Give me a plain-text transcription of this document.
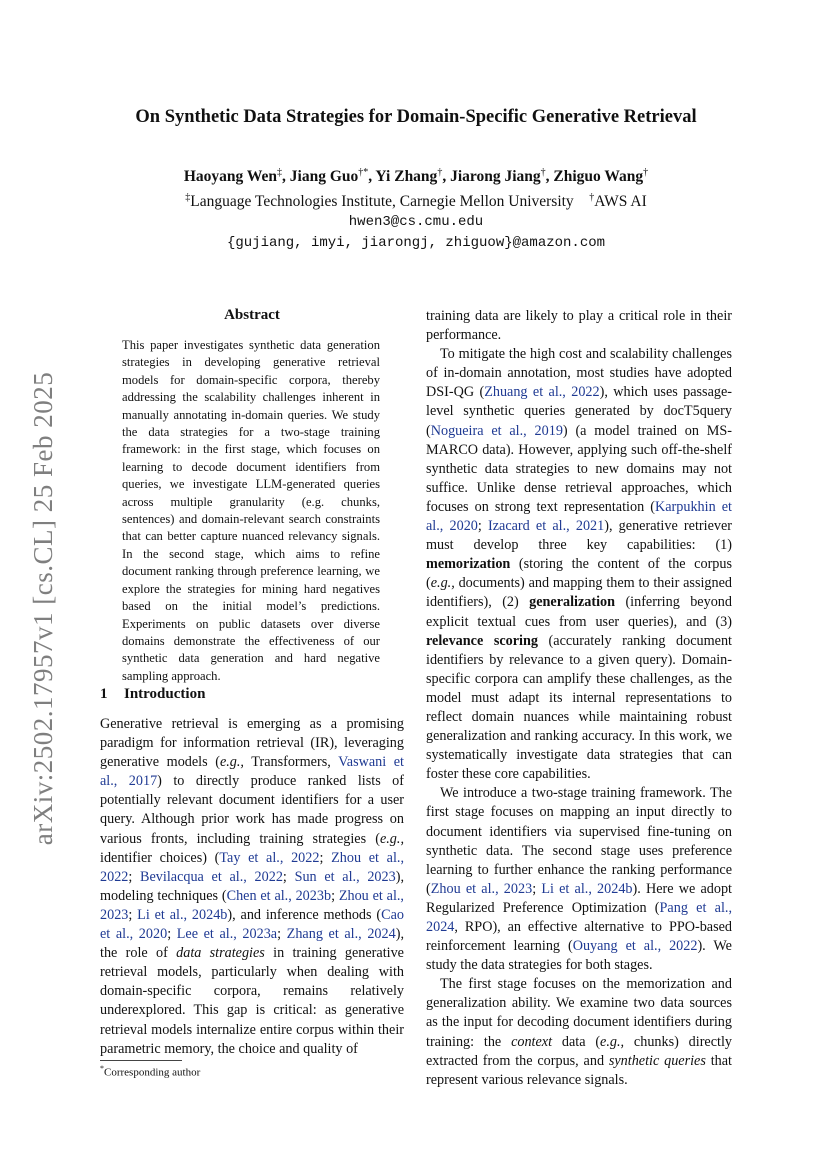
arXiv:2502.17957v1 [cs.CL] 25 Feb 2025
On Synthetic Data Strategies for Domain-Specific Generative Retrieval
Haoyang Wen‡, Jiang Guo†*, Yi Zhang†, Jiarong Jiang†, Zhiguo Wang†
‡Language Technologies Institute, Carnegie Mellon University    †AWS AI
hwen3@cs.cmu.edu
{gujiang, imyi, jiarongj, zhiguow}@amazon.com
Abstract
This paper investigates synthetic data generation strategies in developing generative retrieval models for domain-specific corpora, thereby addressing the scalability challenges inherent in manually annotating in-domain queries. We study the data strategies for a two-stage training framework: in the first stage, which focuses on learning to decode document identifiers from queries, we investigate LLM-generated queries across multiple granularity (e.g. chunks, sentences) and domain-relevant search constraints that can better capture nuanced relevancy signals. In the second stage, which aims to refine document ranking through preference learning, we explore the strategies for mining hard negatives based on the initial model’s predictions. Experiments on public datasets over diverse domains demonstrate the effectiveness of our synthetic data generation and hard negative sampling approach.
1 Introduction

Generative retrieval is emerging as a promising paradigm for information retrieval (IR), leveraging generative models (e.g., Transformers, Vaswani et al., 2017) to directly produce ranked lists of potentially relevant document identifiers for a user query. Although prior work has made progress on various fronts, including training strategies (e.g., identifier choices) (Tay et al., 2022; Zhou et al., 2022; Bevilacqua et al., 2022; Sun et al., 2023), modeling techniques (Chen et al., 2023b; Zhou et al., 2023; Li et al., 2024b), and inference methods (Cao et al., 2020; Lee et al., 2023a; Zhang et al., 2024), the role of data strategies in training generative retrieval models, particularly when dealing with domain-specific corpora, remains relatively underexplored. This gap is critical: as generative retrieval models internalize entire corpus within their parametric memory, the choice and quality of

training data are likely to play a critical role in their performance.

To mitigate the high cost and scalability challenges of in-domain annotation, most studies have adopted DSI-QG (Zhuang et al., 2022), which uses passage-level synthetic queries generated by docT5query (Nogueira et al., 2019) (a model trained on MS-MARCO data). However, applying such off-the-shelf synthetic data strategies to new domains may not suffice. Unlike dense retrieval approaches, which focuses on strong text representation (Karpukhin et al., 2020; Izacard et al., 2021), generative retriever must develop three key capabilities: (1) memorization (storing the content of the corpus (e.g., documents) and mapping them to their assigned identifiers), (2) generalization (inferring beyond explicit textual cues from user queries), and (3) relevance scoring (accurately ranking document identifiers by relevance to a given query). Domain-specific corpora can amplify these challenges, as the model must adapt its internal representations to reflect domain nuances while maintaining robust generalization and ranking accuracy. In this work, we systematically investigate data strategies that can foster these core capabilities.

We introduce a two-stage training framework. The first stage focuses on mapping an input directly to document identifiers via supervised fine-tuning on synthetic data. The second stage uses preference learning to further enhance the ranking performance (Zhou et al., 2023; Li et al., 2024b). Here we adopt Regularized Preference Optimization (Pang et al., 2024, RPO), an effective alternative to PPO-based reinforcement learning (Ouyang et al., 2022). We study the data strategies for both stages.

The first stage focuses on the memorization and generalization ability. We examine two data sources as the input for decoding document identifiers during training: the context data (e.g., chunks) directly extracted from the corpus, and synthetic queries that represent various relevance signals.

*Corresponding author
